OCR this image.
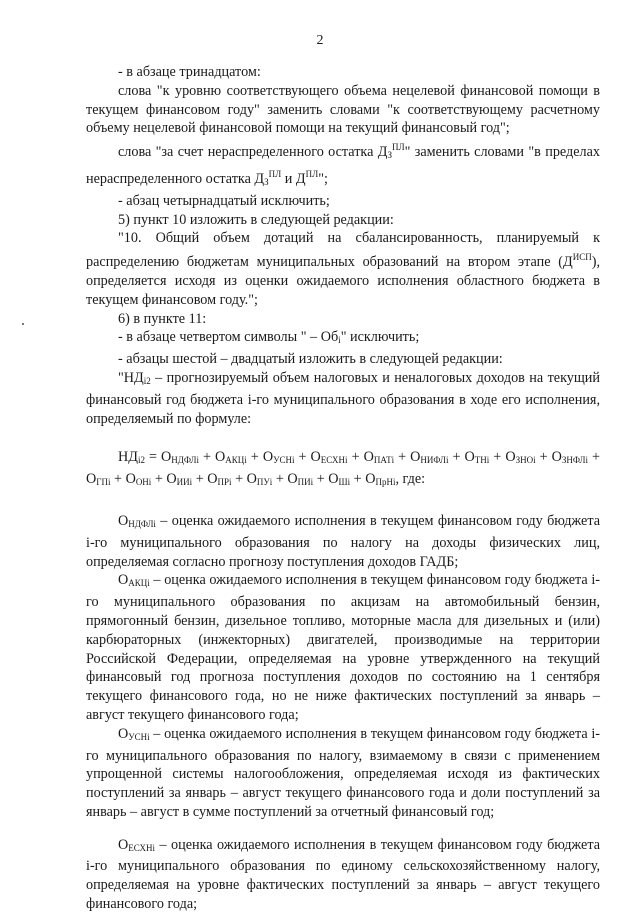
2

- в абзаце тринадцатом:

слова "к уровню соответствующего объема нецелевой финансовой помощи в текущем финансовом году" заменить словами "к соответствующему расчетному объему нецелевой финансовой помощи на текущий финансовый год";

слова "за счет нераспределенного остатка $Д_З^{ПЛ}$" заменить словами "в пределах нераспределенного остатка $Д_З^{ПЛ}$ и $Д^{ПЛ}$";

- абзац четырнадцатый исключить;

5) пункт 10 изложить в следующей редакции:

"10. Общий объем дотаций на сбалансированность, планируемый к распределению бюджетам муниципальных образований на втором этапе $(Д^{ИСП})$, определяется исходя из оценки ожидаемого исполнения областного бюджета в текущем финансовом году.";

6) в пункте 11:

- в абзаце четвертом символы " – $Об_i$" исключить;

- абзацы шестой – двадцатый изложить в следующей редакции:

"$НД_{i2}$ – прогнозируемый объем налоговых и неналоговых доходов на текущий финансовый год бюджета i-го муниципального образования в ходе его исполнения, определяемый по формуле:

$НД_{i2} = О_{НДФЛi} + О_{АКЦi} + О_{УСНi} + О_{ЕСХНi} + О_{ПАТi} + О_{НИФЛi} + О_{ТНi} + О_{ЗНОi} + О_{ЗНФЛi} + О_{ГПi} + О_{ОНi} + О_{ИИi} + О_{ПРi} + О_{ПУi} + О_{ПИi} + О_{Шi} + О_{ПрНi}$, где:

$О_{НДФЛi}$ – оценка ожидаемого исполнения в текущем финансовом году бюджета i-го муниципального образования по налогу на доходы физических лиц, определяемая согласно прогнозу поступления доходов ГАДБ;

$О_{АКЦi}$ – оценка ожидаемого исполнения в текущем финансовом году бюджета i-го муниципального образования по акцизам на автомобильный бензин, прямогонный бензин, дизельное топливо, моторные масла для дизельных и (или) карбюраторных (инжекторных) двигателей, производимые на территории Российской Федерации, определяемая на уровне утвержденного на текущий финансовый год прогноза поступления доходов по состоянию на 1 сентября текущего финансового года, но не ниже фактических поступлений за январь – август текущего финансового года;

$О_{УСНi}$ – оценка ожидаемого исполнения в текущем финансовом году бюджета i-го муниципального образования по налогу, взимаемому в связи с применением упрощенной системы налогообложения, определяемая исходя из фактических поступлений за январь – август текущего финансового года и доли поступлений за январь – август в сумме поступлений за отчетный финансовый год;

$О_{ЕСХНi}$ – оценка ожидаемого исполнения в текущем финансовом году бюджета i-го муниципального образования по единому сельскохозяйственному налогу, определяемая на уровне фактических поступлений за январь – август текущего финансового года;
